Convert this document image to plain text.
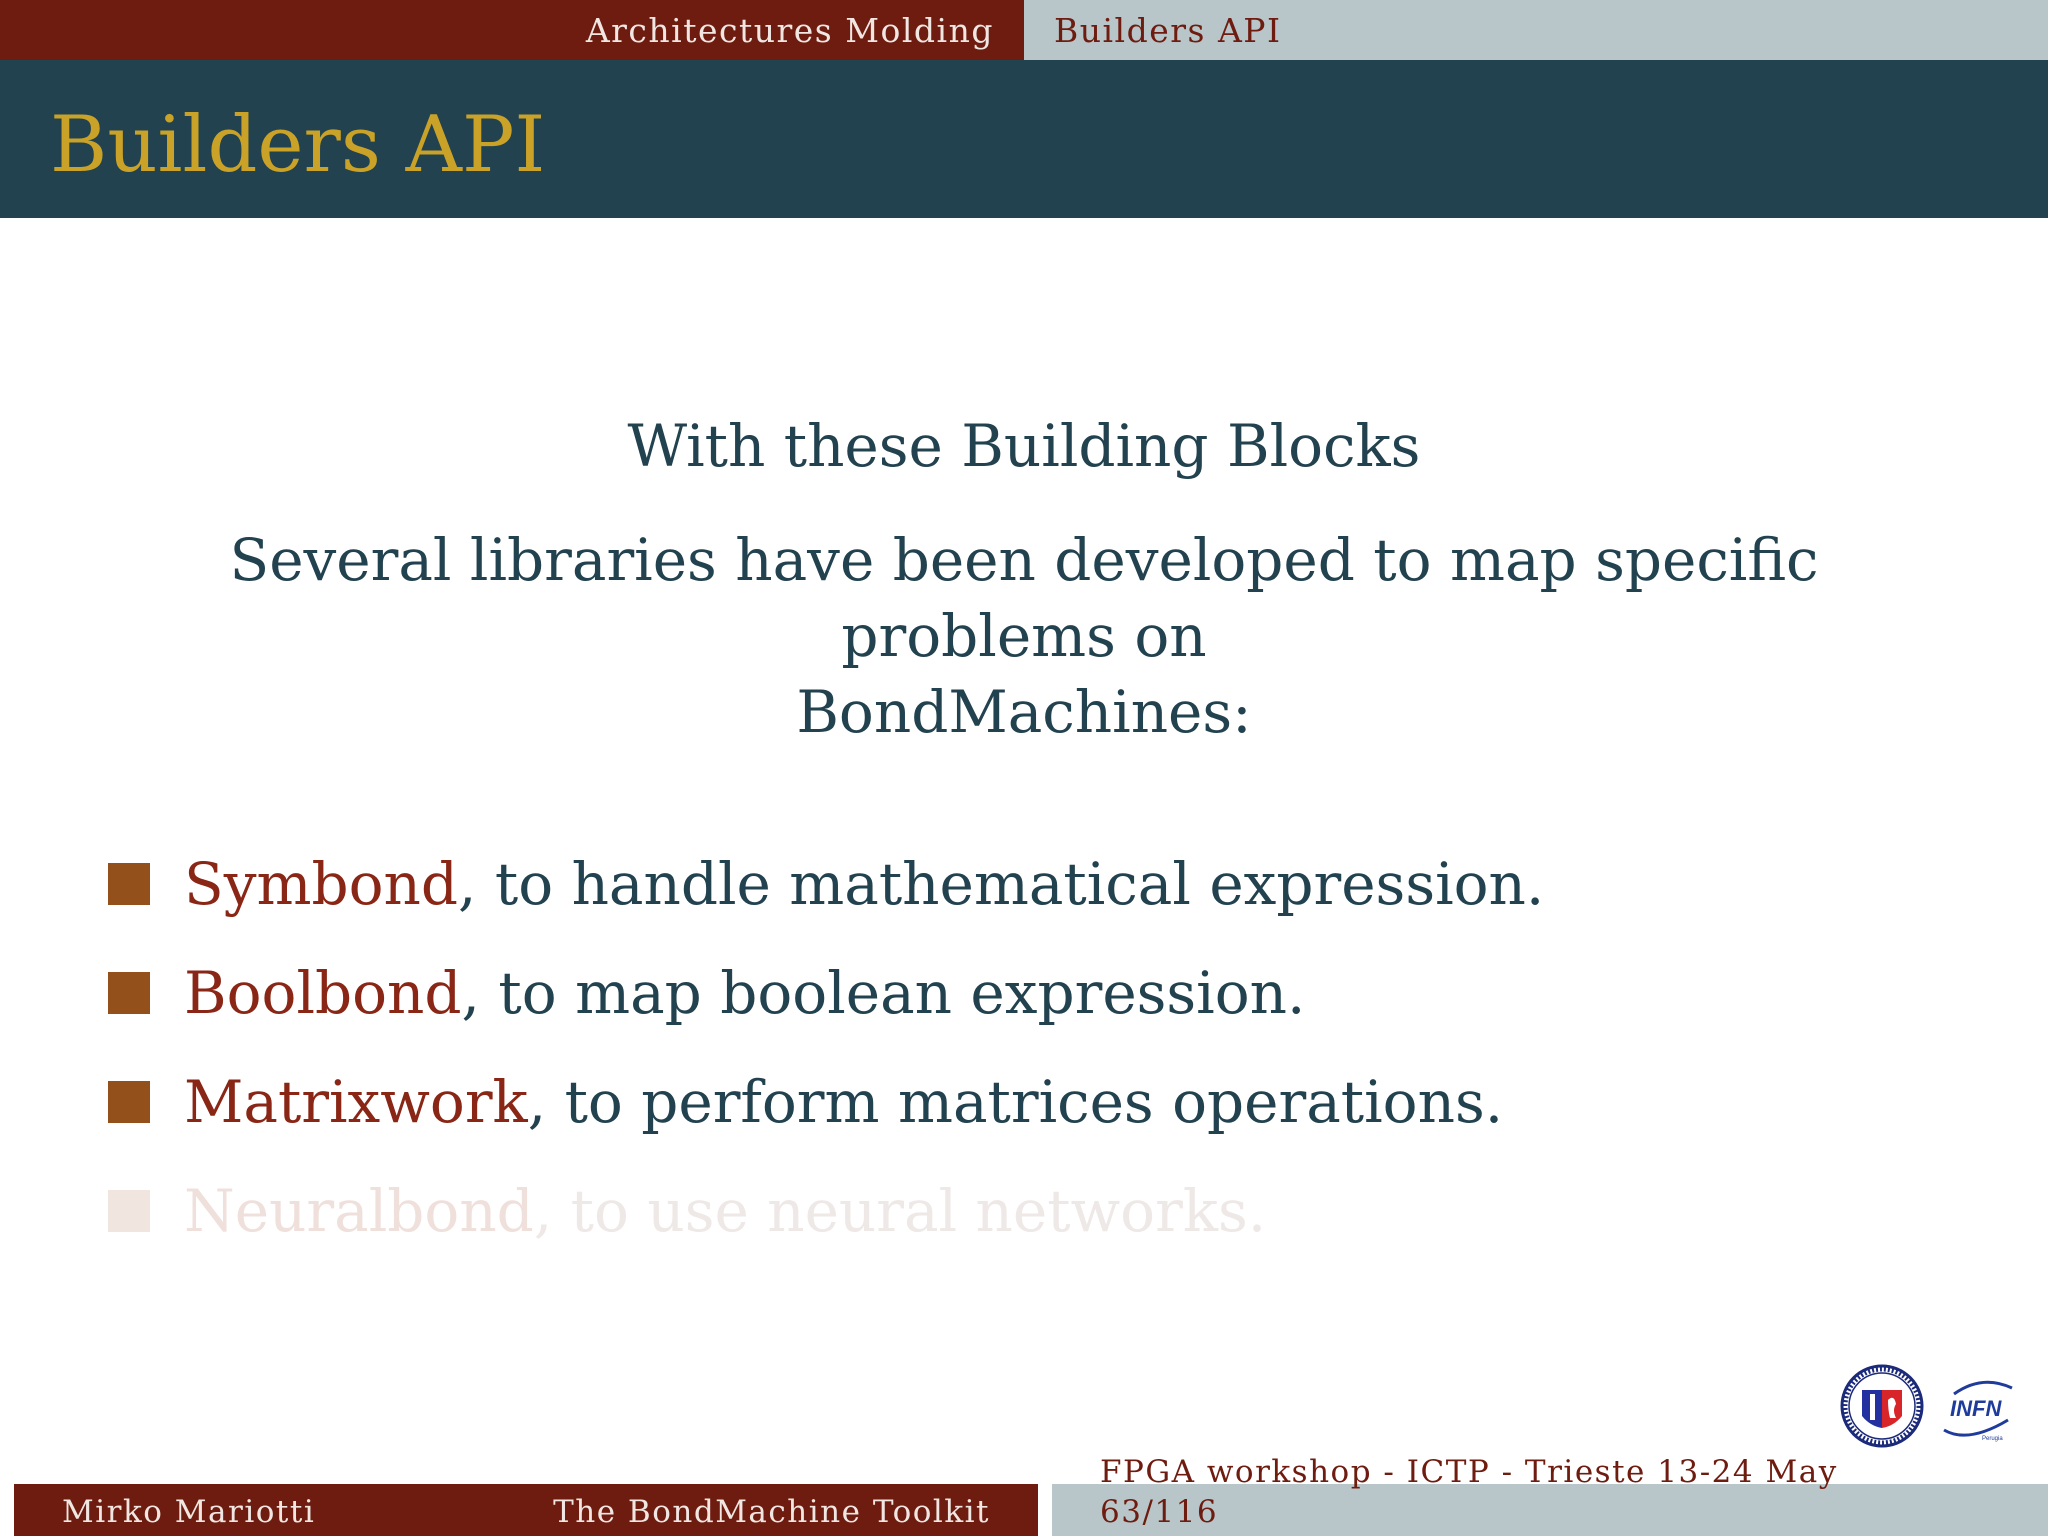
Architectures Molding Builders API
Builders API
With these Building Blocks
Several libraries have been developed to map specific problems on
BondMachines:
Symbond , to handle mathematical expression.
Boolbond , to map boolean expression.
Matrixwork , to perform matrices operations.
Neuralbond , to use neural networks.
INFN
Perugia
Mirko Mariotti	The BondMachine Toolkit
FPGA workshop - ICTP - Trieste 13-24 May
63/116
